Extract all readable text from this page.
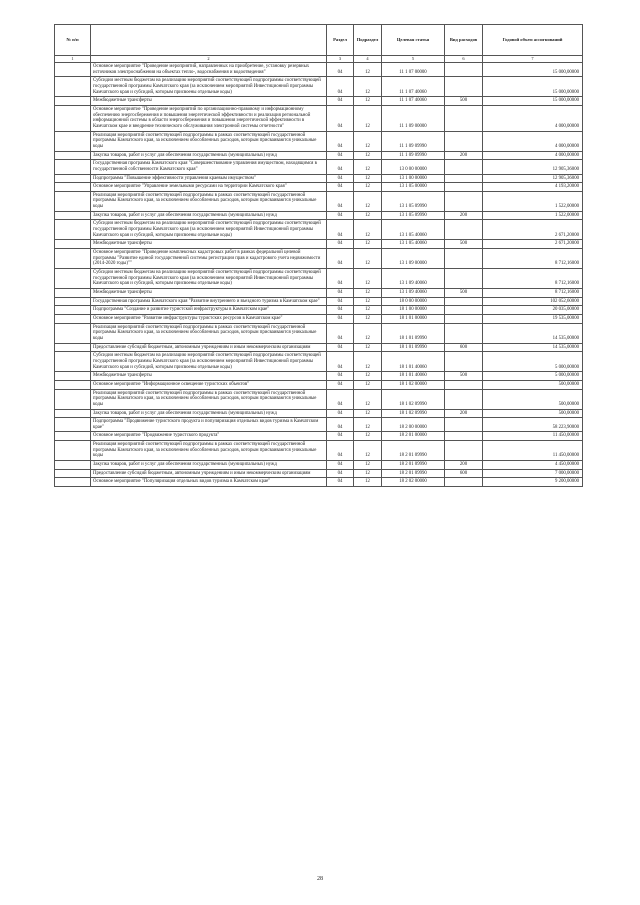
№ п/п		Раздел	Подраздел	Целевая статья	Вид расходов	Годовой объем ассигнований
1	2	3	4	5	6	7
	Основное мероприятие "Проведение мероприятий, направленных на приобретение, установку резервных источников электроснабжения на объектах тепло-, водоснабжения и водоотведения"	04	12	11 1 07 00000		15 000,00000
	Субсидии местным бюджетам на реализацию мероприятий соответствующей подпрограммы соответствующей государственной программы Камчатского края (за исключением мероприятий Инвестиционной программы Камчатского края и субсидий, которым присвоены отдельные коды)	04	12	11 1 07 40060		15 000,00000
	Межбюджетные трансферты	04	12	11 1 07 40060	500	15 000,00000
	Основное мероприятие "Проведение мероприятий по организационно-правовому и информационному обеспечению энергосбережения и повышения энергетической эффективности и реализация региональной информационной системы в области энергосбережения и повышения энергетической эффективности в Камчатском крае и внедрение технического обслуживания электронной системы отчетности"	04	12	11 1 09 00000		4 000,00000
	Реализация мероприятий соответствующей подпрограммы в рамках соответствующей государственной программы Камчатского края, за исключением обособленных расходов, которым присваиваются уникальные коды	04	12	11 1 09 09990		4 000,00000
	Закупка товаров, работ и услуг для обеспечения государственных (муниципальных) нужд	04	12	11 1 09 09990	200	4 000,00000
	Государственная программа Камчатского края "Совершенствование управления имуществом, находящимся в государственной собственности Камчатского края"	04	12	13 0 00 00000		12 905,36000
	Подпрограмма "Повышение эффективности управления краевым имуществом"	04	12	13 1 00 00000		12 905,36000
	Основное мероприятие "Управление земельными ресурсами на территории Камчатского края"	04	12	13 1 05 00000		4 193,20000
	Реализация мероприятий соответствующей подпрограммы в рамках соответствующей государственной программы Камчатского края, за исключением обособленных расходов, которым присваиваются уникальные коды	04	12	13 1 05 09990		1 522,00000
	Закупка товаров, работ и услуг для обеспечения государственных (муниципальных) нужд	04	12	13 1 05 09990	200	1 522,00000
	Субсидии местным бюджетам на реализацию мероприятий соответствующей подпрограммы соответствующей государственной программы Камчатского края (за исключением мероприятий Инвестиционной программы Камчатского края и субсидий, которым присвоены отдельные коды)	04	12	13 1 05 40060		2 671,20000
	Межбюджетные трансферты	04	12	13 1 05 40060	500	2 671,20000
	Основное мероприятие "Проведение комплексных кадастровых работ в рамках федеральной целевой программы "Развитие единой государственной системы регистрации прав и кадастрового учета недвижимости (2014-2020 годы)""	04	12	13 1 09 00000		8 712,16000
	Субсидии местным бюджетам на реализацию мероприятий соответствующей подпрограммы соответствующей государственной программы Камчатского края (за исключением мероприятий Инвестиционной программы Камчатского края и субсидий, которым присвоены отдельные коды)	04	12	13 1 09 40060		8 712,16000
	Межбюджетные трансферты	04	12	13 1 09 40060	500	8 712,16000
	Государственная программа Камчатского края "Развитие внутреннего и въездного туризма в Камчатском крае"	04	12	18 0 00 00000		102 052,60000
	Подпрограмма "Создание и развитие туристской инфраструктуры в Камчатском крае"	04	12	18 1 00 00000		20 035,00000
	Основное мероприятие "Развитие инфраструктуры туристских ресурсов в Камчатском крае"	04	12	18 1 01 00000		19 535,00000
	Реализация мероприятий соответствующей подпрограммы в рамках соответствующей государственной программы Камчатского края, за исключением обособленных расходов, которым присваиваются уникальные коды	04	12	18 1 01 09990		14 535,00000
	Предоставление субсидий бюджетным, автономным учреждениям и иным некоммерческим организациям	04	12	18 1 01 09990	600	14 535,00000
	Субсидии местным бюджетам на реализацию мероприятий соответствующей подпрограммы соответствующей государственной программы Камчатского края (за исключением мероприятий Инвестиционной программы Камчатского края и субсидий, которым присвоены отдельные коды)	04	12	18 1 01 40060		5 000,00000
	Межбюджетные трансферты	04	12	18 1 01 40060	500	5 000,00000
	Основное мероприятие "Информационное освещение туристских объектов"	04	12	18 1 02 00000		500,00000
	Реализация мероприятий соответствующей подпрограммы в рамках соответствующей государственной программы Камчатского края, за исключением обособленных расходов, которым присваиваются уникальные коды	04	12	18 1 02 09990		500,00000
	Закупка товаров, работ и услуг для обеспечения государственных (муниципальных) нужд	04	12	18 1 02 09990	200	500,00000
	Подпрограмма "Продвижение туристского продукта и популяризация отдельных видов туризма в Камчатском крае"	04	12	18 2 00 00000		58 223,90000
	Основное мероприятие "Продвижение туристского продукта"	04	12	18 2 01 00000		11 450,00000
	Реализация мероприятий соответствующей подпрограммы в рамках соответствующей государственной программы Камчатского края, за исключением обособленных расходов, которым присваиваются уникальные коды	04	12	18 2 01 09990		11 450,00000
	Закупка товаров, работ и услуг для обеспечения государственных (муниципальных) нужд	04	12	18 2 01 09990	200	4 450,00000
	Предоставление субсидий бюджетным, автономным учреждениям и иным некоммерческим организациям	04	12	18 2 01 09990	600	7 000,00000
	Основное мероприятие "Популяризация отдельных видов туризма в Камчатском крае"	04	12	18 2 02 00000		9 200,00000
28
